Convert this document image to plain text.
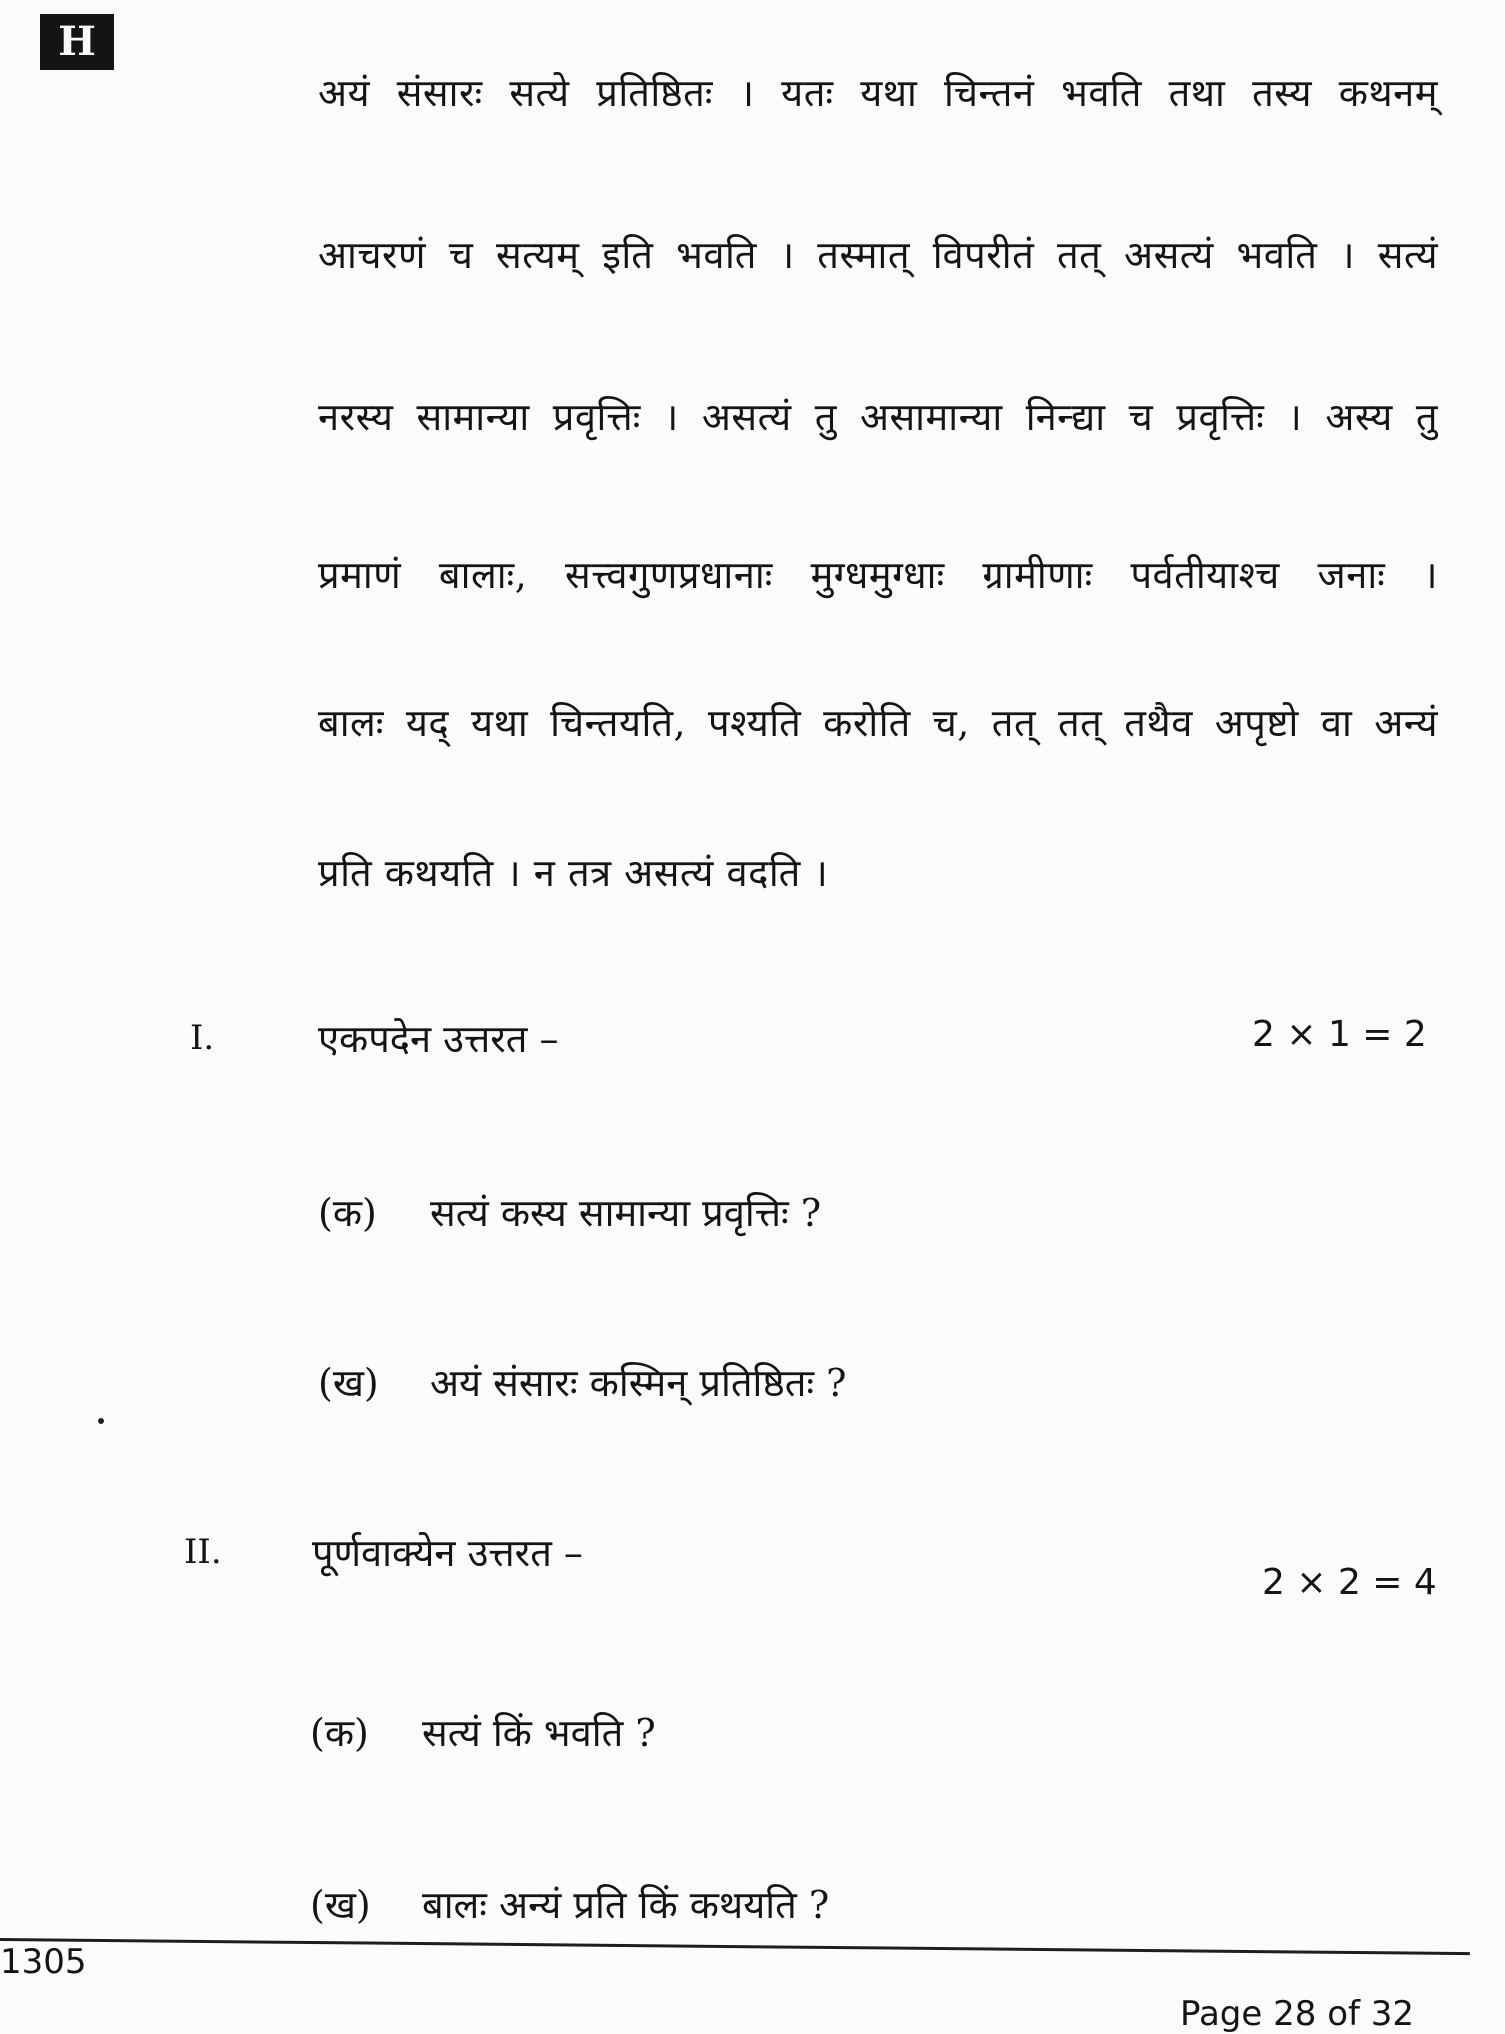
H
अयं संसारः सत्ये प्रतिष्ठितः । यतः यथा चिन्तनं भवति तथा तस्य कथनम्
आचरणं च सत्यम् इति भवति । तस्मात् विपरीतं तत् असत्यं भवति । सत्यं
नरस्य सामान्या प्रवृत्तिः । असत्यं तु असामान्या निन्द्या च प्रवृत्तिः । अस्य तु
प्रमाणं बालाः, सत्त्वगुणप्रधानाः मुग्धमुग्धाः ग्रामीणाः पर्वतीयाश्च जनाः ।
बालः यद् यथा चिन्तयति, पश्यति करोति च, तत् तत् तथैव अपृष्टो वा अन्यं
प्रति कथयति । न तत्र असत्यं वदति ।
I.	एकपदेन उत्तरत –	2 × 1 = 2
(क) सत्यं कस्य सामान्या प्रवृत्तिः ?
(ख) अयं संसारः कस्मिन् प्रतिष्ठितः ?
II. पूर्णवाक्येन उत्तरत –
2 × 2 = 4
(क) सत्यं किं भवति ?
(ख) बालः अन्यं प्रति किं कथयति ?
1305
Page 28 of 32
